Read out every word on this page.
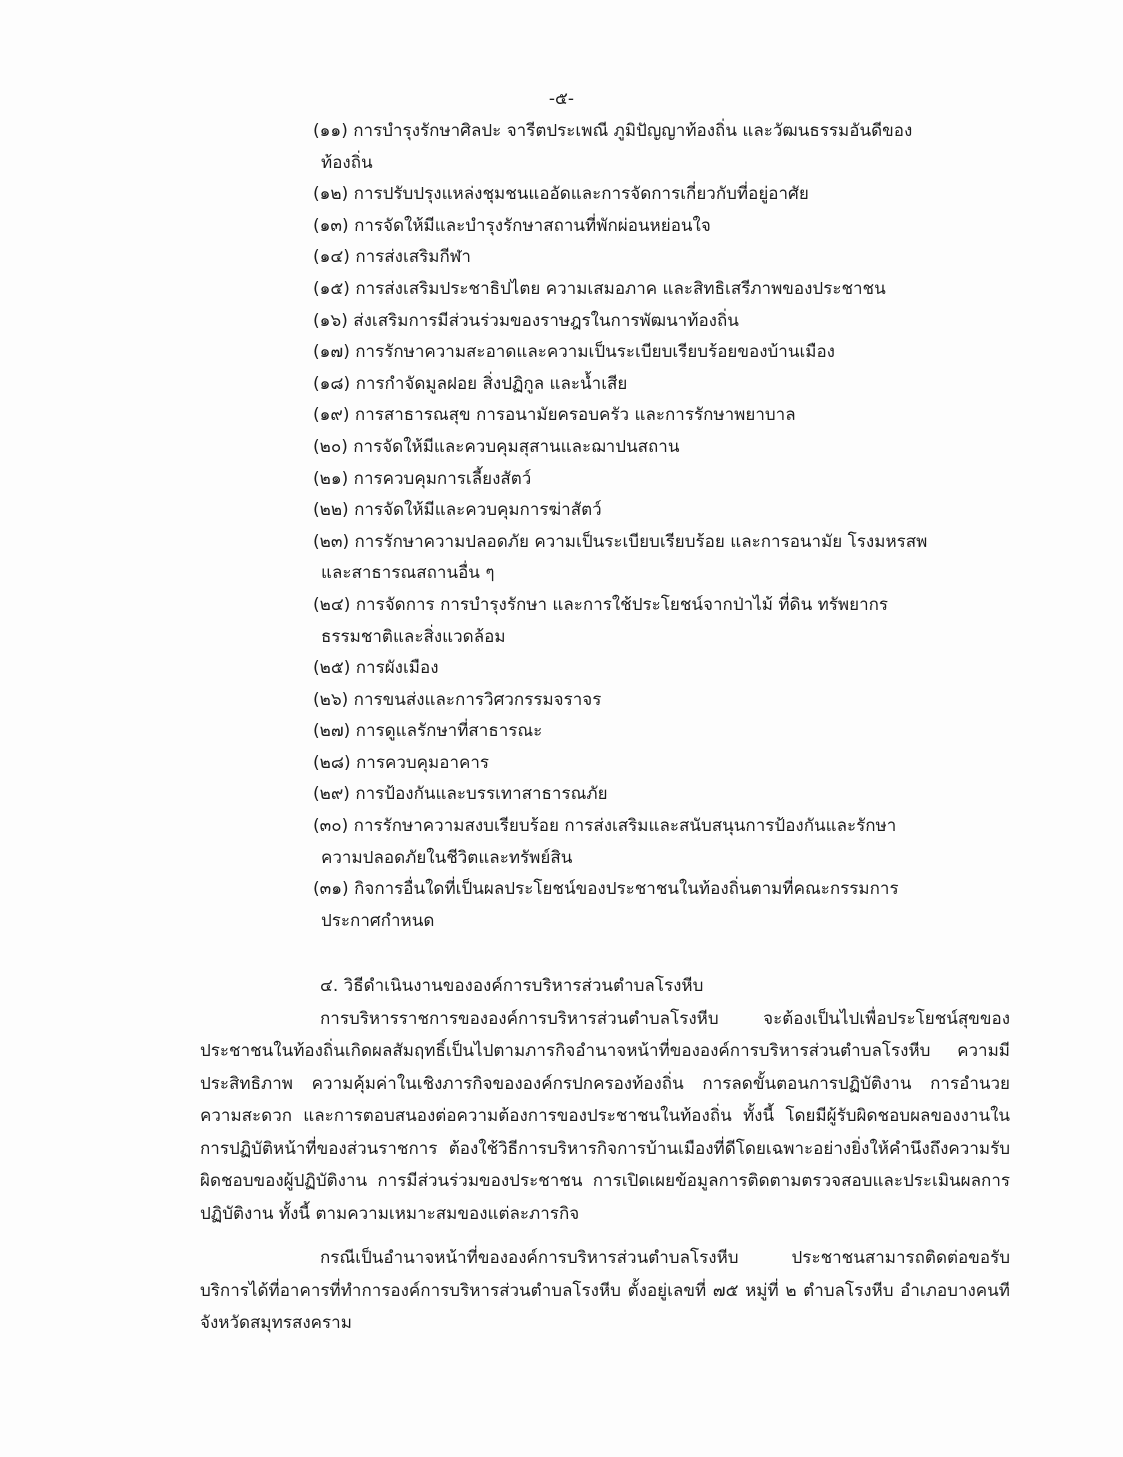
-๕-

(๑๑) การบำรุงรักษาศิลปะ จารีตประเพณี ภูมิปัญญาท้องถิ่น และวัฒนธรรมอันดีของ
ท้องถิ่น
(๑๒) การปรับปรุงแหล่งชุมชนแออัดและการจัดการเกี่ยวกับที่อยู่อาศัย
(๑๓) การจัดให้มีและบำรุงรักษาสถานที่พักผ่อนหย่อนใจ
(๑๔) การส่งเสริมกีฬา
(๑๕) การส่งเสริมประชาธิปไตย ความเสมอภาค และสิทธิเสรีภาพของประชาชน
(๑๖) ส่งเสริมการมีส่วนร่วมของราษฎรในการพัฒนาท้องถิ่น
(๑๗) การรักษาความสะอาดและความเป็นระเบียบเรียบร้อยของบ้านเมือง
(๑๘) การกำจัดมูลฝอย สิ่งปฏิกูล และน้ำเสีย
(๑๙) การสาธารณสุข การอนามัยครอบครัว และการรักษาพยาบาล
(๒๐) การจัดให้มีและควบคุมสุสานและฌาปนสถาน
(๒๑) การควบคุมการเลี้ยงสัตว์
(๒๒) การจัดให้มีและควบคุมการฆ่าสัตว์
(๒๓) การรักษาความปลอดภัย ความเป็นระเบียบเรียบร้อย และการอนามัย โรงมหรสพ
และสาธารณสถานอื่น ๆ
(๒๔) การจัดการ การบำรุงรักษา และการใช้ประโยชน์จากป่าไม้ ที่ดิน ทรัพยากร
ธรรมชาติและสิ่งแวดล้อม
(๒๕) การผังเมือง
(๒๖) การขนส่งและการวิศวกรรมจราจร
(๒๗) การดูแลรักษาที่สาธารณะ
(๒๘) การควบคุมอาคาร
(๒๙) การป้องกันและบรรเทาสาธารณภัย
(๓๐) การรักษาความสงบเรียบร้อย การส่งเสริมและสนับสนุนการป้องกันและรักษา
ความปลอดภัยในชีวิตและทรัพย์สิน
(๓๑) กิจการอื่นใดที่เป็นผลประโยชน์ของประชาชนในท้องถิ่นตามที่คณะกรรมการ
ประกาศกำหนด
๔. วิธีดำเนินงานขององค์การบริหารส่วนตำบลโรงหีบ

การบริหารราชการขององค์การบริหารส่วนตำบลโรงหีบ จะต้องเป็นไปเพื่อประโยชน์สุขของประชาชนในท้องถิ่นเกิดผลสัมฤทธิ์เป็นไปตามภารกิจอำนาจหน้าที่ขององค์การบริหารส่วนตำบลโรงหีบ ความมีประสิทธิภาพ ความคุ้มค่าในเชิงภารกิจขององค์กรปกครองท้องถิ่น การลดขั้นตอนการปฏิบัติงาน การอำนวยความสะดวก และการตอบสนองต่อความต้องการของประชาชนในท้องถิ่น ทั้งนี้ โดยมีผู้รับผิดชอบผลของงานในการปฏิบัติหน้าที่ของส่วนราชการ ต้องใช้วิธีการบริหารกิจการบ้านเมืองที่ดีโดยเฉพาะอย่างยิ่งให้คำนึงถึงความรับผิดชอบของผู้ปฏิบัติงาน การมีส่วนร่วมของประชาชน การเปิดเผยข้อมูลการติดตามตรวจสอบและประเมินผลการปฏิบัติงาน ทั้งนี้ ตามความเหมาะสมของแต่ละภารกิจ

กรณีเป็นอำนาจหน้าที่ขององค์การบริหารส่วนตำบลโรงหีบ ประชาชนสามารถติดต่อขอรับบริการได้ที่อาคารที่ทำการองค์การบริหารส่วนตำบลโรงหีบ ตั้งอยู่เลขที่ ๗๕ หมู่ที่ ๒ ตำบลโรงหีบ อำเภอบางคนที จังหวัดสมุทรสงคราม
